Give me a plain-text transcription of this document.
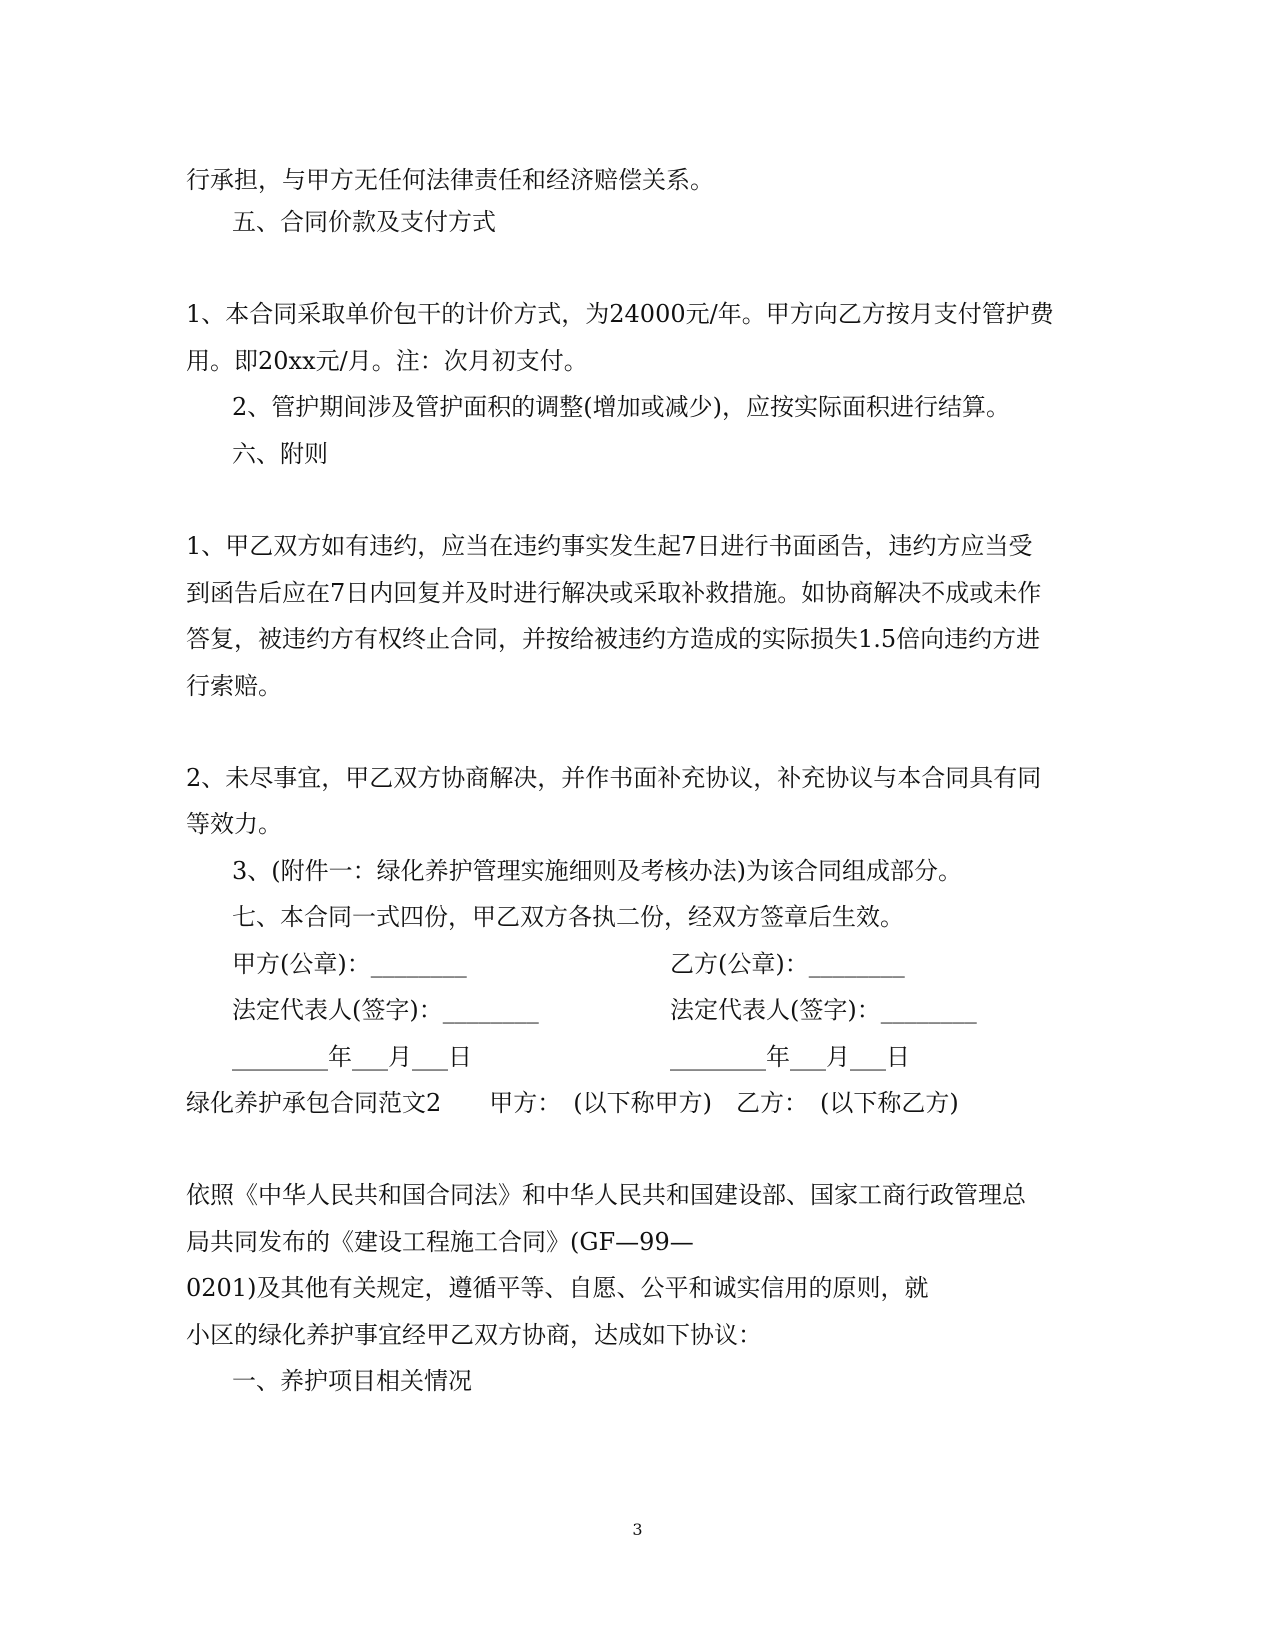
行承担，与甲方无任何法律责任和经济赔偿关系。
五、合同价款及支付方式
1、本合同采取单价包干的计价方式，为24000元/年。甲方向乙方按月支付管护费
用。即20xx元/月。注：次月初支付。
2、管护期间涉及管护面积的调整(增加或减少)，应按实际面积进行结算。
六、附则
1、甲乙双方如有违约，应当在违约事实发生起7日进行书面函告，违约方应当受
到函告后应在7日内回复并及时进行解决或采取补救措施。如协商解决不成或未作
答复，被违约方有权终止合同，并按给被违约方造成的实际损失1.5倍向违约方进
行索赔。
2、未尽事宜，甲乙双方协商解决，并作书面补充协议，补充协议与本合同具有同
等效力。
3、(附件一：绿化养护管理实施细则及考核办法)为该合同组成部分。
七、本合同一式四份，甲乙双方各执二份，经双方签章后生效。
甲方(公章)：________	乙方(公章)：________
法定代表人(签字)：________	法定代表人(签字)：________
________年___月___日	________年___月___日
绿化养护承包合同范文2　　甲方：　(以下称甲方)　乙方：　(以下称乙方)
依照《中华人民共和国合同法》和中华人民共和国建设部、国家工商行政管理总
局共同发布的《建设工程施工合同》(GF—99—
0201)及其他有关规定，遵循平等、自愿、公平和诚实信用的原则，就
小区的绿化养护事宜经甲乙双方协商，达成如下协议：
一、养护项目相关情况
3
